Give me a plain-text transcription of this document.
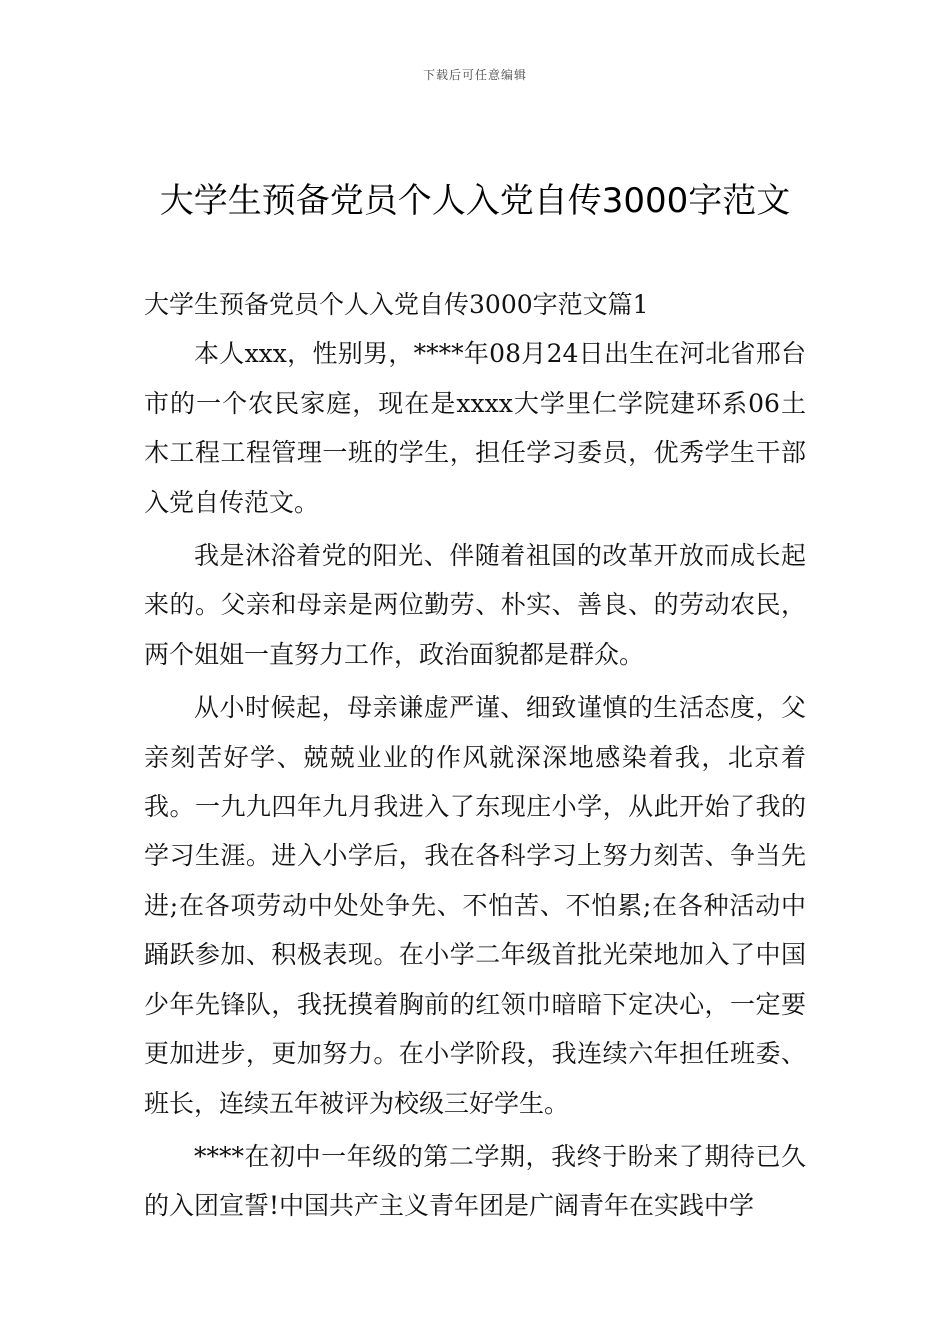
下载后可任意编辑
大学生预备党员个人入党自传3000字范文
大学生预备党员个人入党自传3000字范文篇1

本人xxx，性别男，****年08月24日出生在河北省邢台市的一个农民家庭，现在是xxxx大学里仁学院建环系06土木工程工程管理一班的学生，担任学习委员，优秀学生干部入党自传范文。

我是沐浴着党的阳光、伴随着祖国的改革开放而成长起来的。父亲和母亲是两位勤劳、朴实、善良、的劳动农民，两个姐姐一直努力工作，政治面貌都是群众。

从小时候起，母亲谦虚严谨、细致谨慎的生活态度，父亲刻苦好学、兢兢业业的作风就深深地感染着我，北京着我。一九九四年九月我进入了东现庄小学，从此开始了我的学习生涯。进入小学后，我在各科学习上努力刻苦、争当先进;在各项劳动中处处争先、不怕苦、不怕累;在各种活动中踊跃参加、积极表现。在小学二年级首批光荣地加入了中国少年先锋队，我抚摸着胸前的红领巾暗暗下定决心，一定要更加进步，更加努力。在小学阶段，我连续六年担任班委、班长，连续五年被评为校级三好学生。

****在初中一年级的第二学期，我终于盼来了期待已久的入团宣誓!中国共产主义青年团是广阔青年在实践中学
